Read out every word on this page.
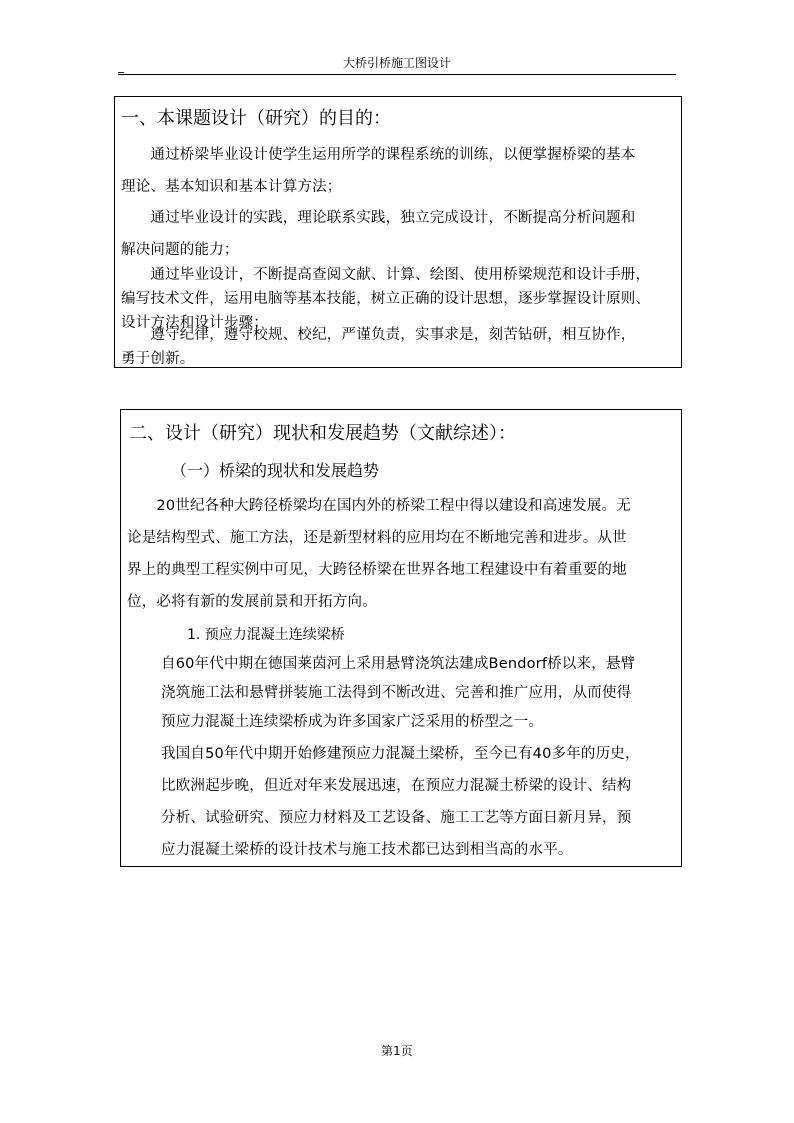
_	大桥引桥施工图设计
一、本课题设计（研究）的目的：
　　通过桥梁毕业设计使学生运用所学的课程系统的训练，以便掌握桥梁的基本
理论、基本知识和基本计算方法；
　　通过毕业设计的实践，理论联系实践，独立完成设计，不断提高分析问题和
解决问题的能力；
　　通过毕业设计，不断提高查阅文献、计算、绘图、使用桥梁规范和设计手册，
编写技术文件，运用电脑等基本技能，树立正确的设计思想，逐步掌握设计原则、
设计方法和设计步骤；
　　遵守纪律，遵守校规、校纪，严谨负责，实事求是，刻苦钻研，相互协作，
勇于创新。
二、设计（研究）现状和发展趋势（文献综述）：
（一）桥梁的现状和发展趋势
　　20世纪各种大跨径桥梁均在国内外的桥梁工程中得以建设和高速发展。无
论是结构型式、施工方法，还是新型材料的应用均在不断地完善和进步。从世
界上的典型工程实例中可见，大跨径桥梁在世界各地工程建设中有着重要的地
位，必将有新的发展前景和开拓方向。
1. 预应力混凝土连续梁桥
自60年代中期在德国莱茵河上采用悬臂浇筑法建成Bendorf桥以来，悬臂
浇筑施工法和悬臂拼装施工法得到不断改进、完善和推广应用，从而使得
预应力混凝土连续梁桥成为许多国家广泛采用的桥型之一。
我国自50年代中期开始修建预应力混凝土梁桥，至今已有40多年的历史，
比欧洲起步晚，但近对年来发展迅速，在预应力混凝土桥梁的设计、结构
分析、试验研究、预应力材料及工艺设备、施工工艺等方面日新月异，预
应力混凝土梁桥的设计技术与施工技术都已达到相当高的水平。
第1页
